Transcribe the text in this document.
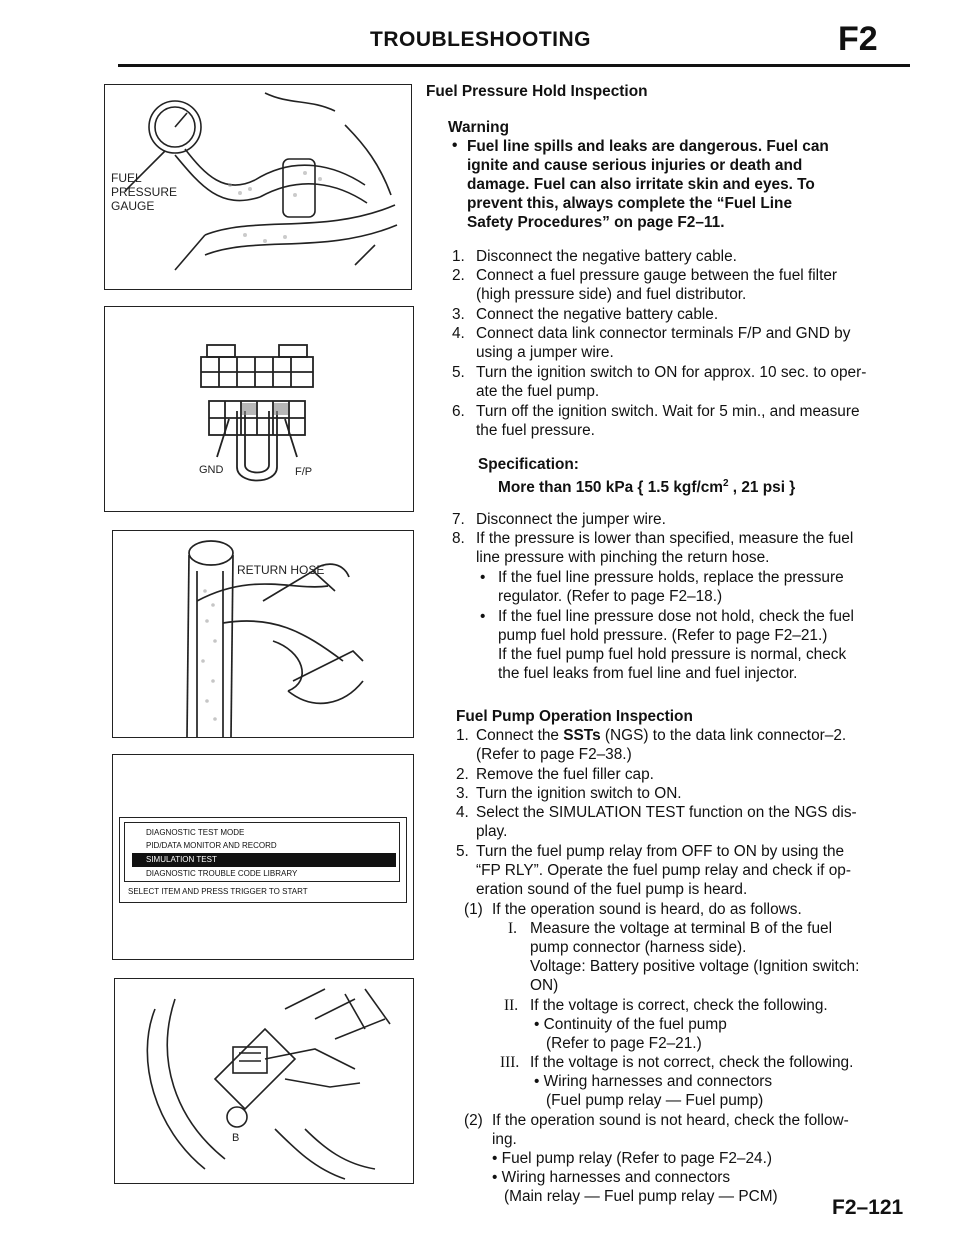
TROUBLESHOOTING	F2
FUEL
PRESSURE
GAUGE
GND	F/P
RETURN HOSE
DIAGNOSTIC TEST MODE
PID/DATA MONITOR AND RECORD
SIMULATION TEST
DIAGNOSTIC TROUBLE CODE LIBRARY
SELECT ITEM AND PRESS TRIGGER TO START
B
Fuel Pressure Hold Inspection
Warning
• Fuel line spills and leaks are dangerous. Fuel can
ignite and cause serious injuries or death and
damage. Fuel can also irritate skin and eyes. To
prevent this, always complete the “Fuel Line
Safety Procedures” on page F2–11.
1. Disconnect the negative battery cable.
2. Connect a fuel pressure gauge between the fuel filter
(high pressure side) and fuel distributor.
3. Connect the negative battery cable.
4. Connect data link connector terminals F/P and GND by
using a jumper wire.
5. Turn the ignition switch to ON for approx. 10 sec. to oper-
ate the fuel pump.
6. Turn off the ignition switch. Wait for 5 min., and measure
the fuel pressure.
Specification:
More than 150 kPa { 1.5 kgf/$cm^2$ , 21 psi }
7. Disconnect the jumper wire.
8. If the pressure is lower than specified, measure the fuel
line pressure with pinching the return hose.
• If the fuel line pressure holds, replace the pressure
regulator. (Refer to page F2–18.)
• If the fuel line pressure dose not hold, check the fuel
pump fuel hold pressure. (Refer to page F2–21.)
If the fuel pump fuel hold pressure is normal, check
the fuel leaks from fuel line and fuel injector.
Fuel Pump Operation Inspection
1. Connect the SSTs (NGS) to the data link connector–2.
(Refer to page F2–38.)
2. Remove the fuel filler cap.
3. Turn the ignition switch to ON.
4. Select the SIMULATION TEST function on the NGS dis-
play.
5. Turn the fuel pump relay from OFF to ON by using the
“FP RLY”. Operate the fuel pump relay and check if op-
eration sound of the fuel pump is heard.
(1) If the operation sound is heard, do as follows.
I. Measure the voltage at terminal B of the fuel
pump connector (harness side).
Voltage: Battery positive voltage (Ignition switch:
ON)
II. If the voltage is correct, check the following.
• Continuity of the fuel pump
(Refer to page F2–21.)
III. If the voltage is not correct, check the following.
• Wiring harnesses and connectors
(Fuel pump relay — Fuel pump)
(2) If the operation sound is not heard, check the follow-
ing.
• Fuel pump relay (Refer to page F2–24.)
• Wiring harnesses and connectors
(Main relay — Fuel pump relay — PCM)	F2–121
